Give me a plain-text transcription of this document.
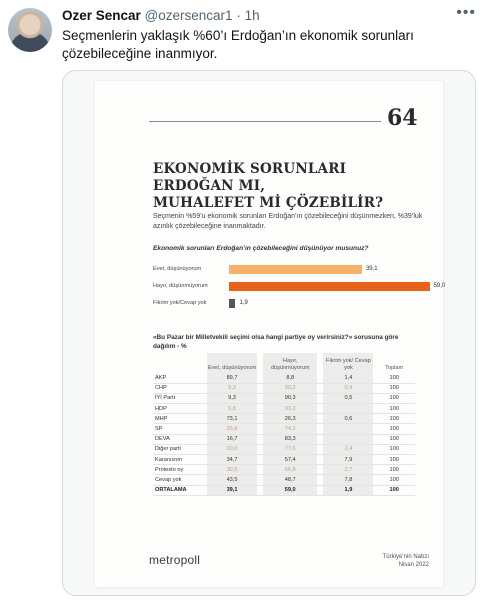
Ozer Sencar @ozersencar1 · 1h	•••
Seçmenlerin yaklaşık %60’ı Erdoğan’ın ekonomik sorunları çözebileceğine inanmıyor.
64
EKONOMİK SORUNLARI ERDOĞAN MI,
MUHALEFET Mİ ÇÖZEBİLİR?
Seçmenin %59’u ekonomik sorunları Erdoğan’ın çözebileceğini düşünmezken, %39’luk azınlık çözebileceğine inanmaktadır.
Ekonomik sorunları Erdoğan’ın çözebileceğini düşünüyor musunuz?
Evet, düşünüyorum	39,1
Hayır, düşünmüyorum	59,0
Fikrim yok/Cevap yok	1,9
«Bu Pazar bir Milletvekili seçimi olsa hangi partiye oy verirsiniz?» sorusuna göre dağılım - %
	Evet, düşünüyorum		Hayır, düşünmüyorum		Fikrim yok/ Cevap yok	Toplam
AKP	89,7		8,8		1,4	100
CHP	9,3		90,2		0,4	100
İYİ Parti	9,3		90,3		0,5	100
HDP	6,8		93,2			100
MHP	73,1		26,3		0,6	100
SP	25,8		74,2			100
DEVA	16,7		83,3			100
Diğer parti	20,0		77,6		2,4	100
Kararsızım	34,7		57,4		7,9	100
Protesto oy	30,5		66,8		2,7	100
Cevap yok	43,5		48,7		7,8	100
ORTALAMA	39,1		59,0		1,9	100
metropoll	Türkiye’nin Nabzı
Nisan 2022
